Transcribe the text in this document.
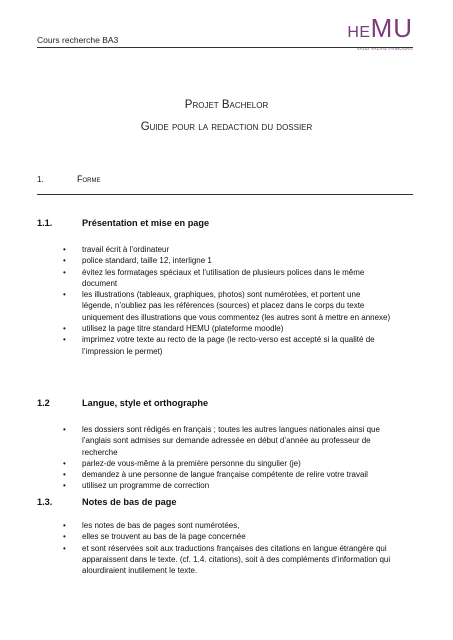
Cours recherche BA3	HEMU
VAUD VALAIS FRIBOURG
Projet Bachelor
Guide pour la redaction du dossier
1.	Forme
1.1.	Présentation et mise en page
• travail écrit à l’ordinateur
• police standard, taille 12, interligne 1
• évitez les formatages spéciaux et l’utilisation de plusieurs polices dans le même document
• les illustrations (tableaux, graphiques, photos) sont numérotées, et portent une légende, n’oubliez pas les références (sources) et placez dans le corps du texte uniquement des illustrations que vous commentez (les autres sont à mettre en annexe)
• utilisez la page titre standard HEMU (plateforme moodle)
• imprimez votre texte au recto de la page (le recto-verso est accepté si la qualité de l’impression le permet)
1.2	Langue, style et orthographe
• les dossiers sont rédigés en français ; toutes les autres langues nationales ainsi que l’anglais sont admises sur demande adressée en début d’année au professeur de recherche
• parlez-de vous-même à la première personne du singulier (je)
• demandez à une personne de langue française compétente de relire votre travail
• utilisez un programme de correction
1.3.	Notes de bas de page
• les notes de bas de pages sont numérotées,
• elles se trouvent au bas de la page concernée
• et sont réservées soit aux traductions françaises des citations en langue étrangère qui apparaissent dans le texte. (cf. 1.4. citations), soit à des compléments d’information qui alourdiraient inutilement le texte.
